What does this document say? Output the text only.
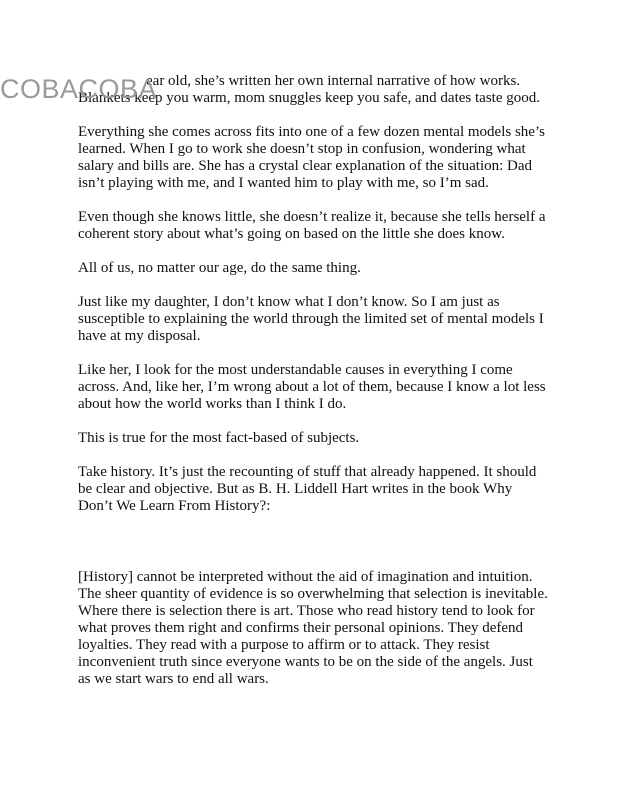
ear old, she’s written her own internal narrative of how works. Blankets keep you warm, mom snuggles keep you safe, and dates taste good.

Everything she comes across fits into one of a few dozen mental models she’s learned. When I go to work she doesn’t stop in confusion, wondering what salary and bills are. She has a crystal clear explanation of the situation: Dad isn’t playing with me, and I wanted him to play with me, so I’m sad.

Even though she knows little, she doesn’t realize it, because she tells herself a coherent story about what’s going on based on the little she does know.

All of us, no matter our age, do the same thing.

Just like my daughter, I don’t know what I don’t know. So I am just as susceptible to explaining the world through the limited set of mental models I have at my disposal.

Like her, I look for the most understandable causes in everything I come across. And, like her, I’m wrong about a lot of them, because I know a lot less about how the world works than I think I do.

This is true for the most fact-based of subjects.

Take history. It’s just the recounting of stuff that already happened. It should be clear and objective. But as B. H. Liddell Hart writes in the book Why Don’t We Learn From History?:

[History] cannot be interpreted without the aid of imagination and intuition. The sheer quantity of evidence is so overwhelming that selection is inevitable. Where there is selection there is art. Those who read history tend to look for what proves them right and confirms their personal opinions. They defend loyalties. They read with a purpose to affirm or to attack. They resist inconvenient truth since everyone wants to be on the side of the angels. Just as we start wars to end all wars.

COBACOBA
